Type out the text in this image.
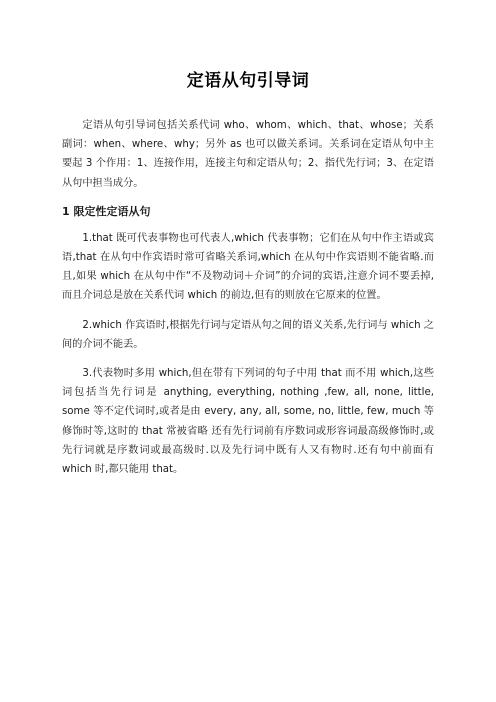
定语从句引导词

定语从句引导词包括关系代词 who、whom、which、that、whose；关系副词：when、where、why；另外 as 也可以做关系词。关系词在定语从句中主要起 3 个作用：1、连接作用，连接主句和定语从句；2、指代先行词；3、在定语从句中担当成分。

1 限定性定语从句

1.that 既可代表事物也可代表人,which 代表事物；它们在从句中作主语或宾语,that 在从句中作宾语时常可省略关系词,which 在从句中作宾语则不能省略.而且,如果 which 在从句中作“不及物动词＋介词”的介词的宾语,注意介词不要丢掉,而且介词总是放在关系代词 which 的前边,但有的则放在它原来的位置。

2.which 作宾语时,根据先行词与定语从句之间的语义关系,先行词与 which 之间的介词不能丢。

3.代表物时多用 which,但在带有下列词的句子中用 that 而不用 which,这些词包括当先行词是 anything, everything, nothing ,few, all, none, little, some 等不定代词时,或者是由 every, any, all, some, no, little, few, much 等修饰时等,这时的 that 常被省略 还有先行词前有序数词或形容词最高级修饰时,或先行词就是序数词或最高级时.以及先行词中既有人又有物时.还有句中前面有 which 时,都只能用 that。
